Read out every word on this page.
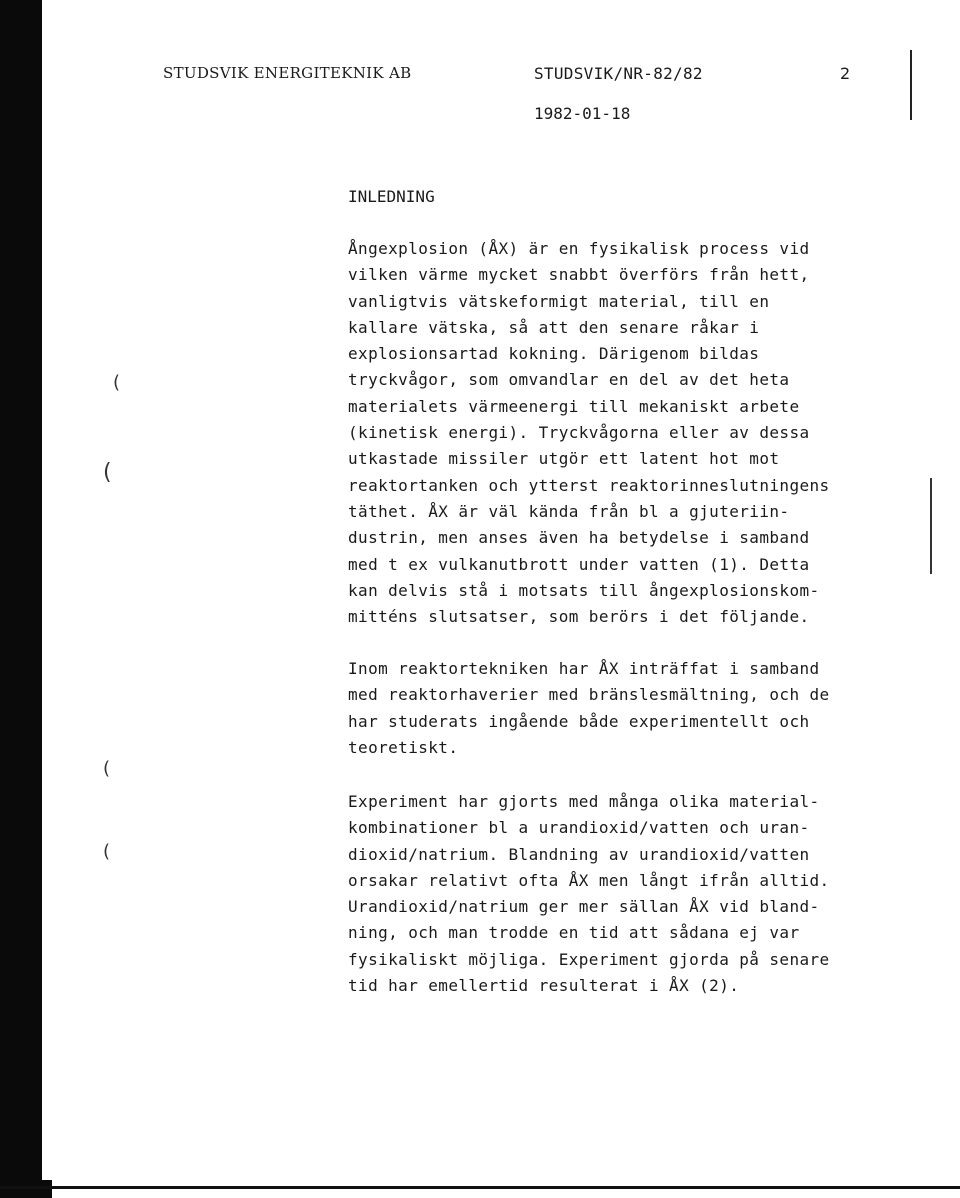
(
(
(
(
STUDSVIK ENERGITEKNIK AB	STUDSVIK/NR-82/82	2
1982-01-18
INLEDNING
Ångexplosion (ÅX) är en fysikalisk process vid
vilken värme mycket snabbt överförs från hett,
vanligtvis vätskeformigt material, till en
kallare vätska, så att den senare råkar i
explosionsartad kokning. Därigenom bildas
tryckvågor, som omvandlar en del av det heta
materialets värmeenergi till mekaniskt arbete
(kinetisk energi). Tryckvågorna eller av dessa
utkastade missiler utgör ett latent hot mot
reaktortanken och ytterst reaktorinneslutningens
täthet. ÅX är väl kända från bl a gjuteriin-
dustrin, men anses även ha betydelse i samband
med t ex vulkanutbrott under vatten (1). Detta
kan delvis stå i motsats till ångexplosionskom-
mitténs slutsatser, som berörs i det följande.
Inom reaktortekniken har ÅX inträffat i samband
med reaktorhaverier med bränslesmältning, och de
har studerats ingående både experimentellt och
teoretiskt.
Experiment har gjorts med många olika material-
kombinationer bl a urandioxid/vatten och uran-
dioxid/natrium. Blandning av urandioxid/vatten
orsakar relativt ofta ÅX men långt ifrån alltid.
Urandioxid/natrium ger mer sällan ÅX vid bland-
ning, och man trodde en tid att sådana ej var
fysikaliskt möjliga. Experiment gjorda på senare
tid har emellertid resulterat i ÅX (2).
